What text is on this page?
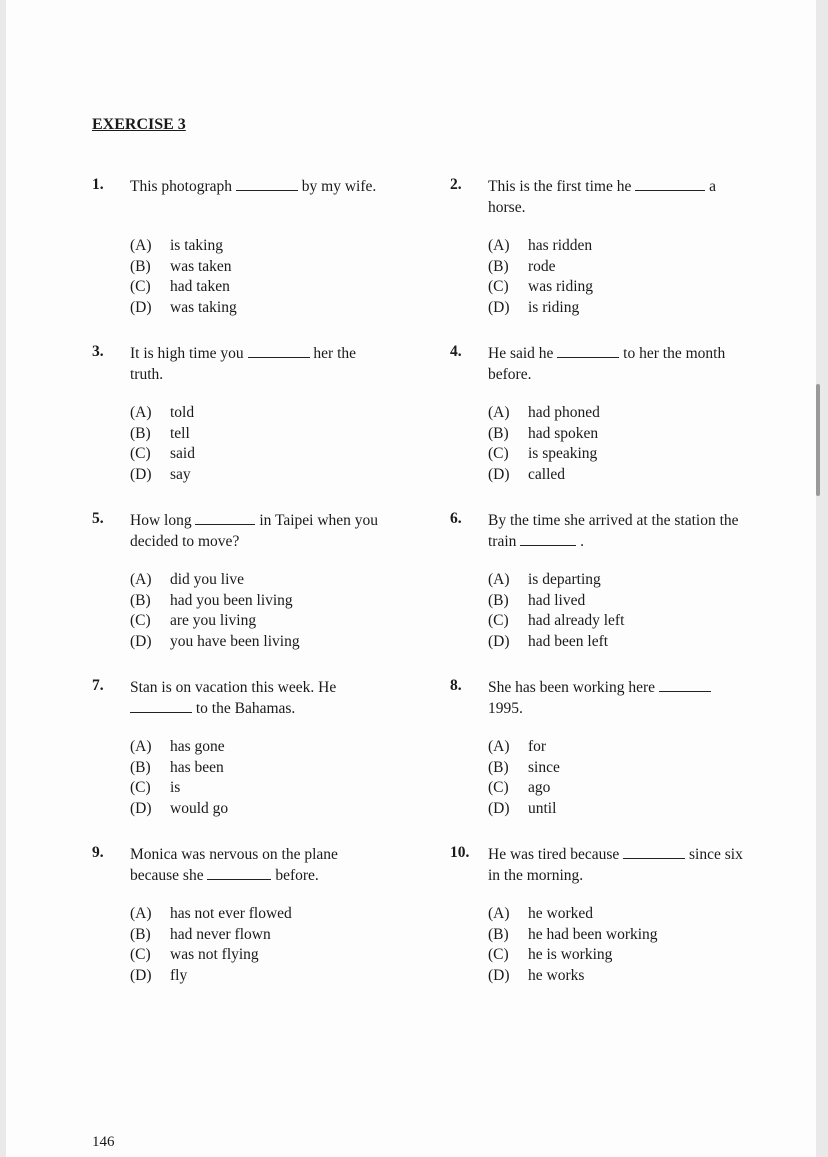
EXERCISE 3
1. This photograph	by my wife.
(A) is taking
(B) was taken
(C) had taken
(D) was taking
2. This is the first time he	a horse.
(A) has ridden
(B) rode
(C) was riding
(D) is riding
3. It is high time you	her the truth.
(A) told
(B) tell
(C) said
(D) say
4. He said he	to her the month before.
(A) had phoned
(B) had spoken
(C) is speaking
(D) called
5. How long	in Taipei when you decided to move?
(A) did you live
(B) had you been living
(C) are you living
(D) you have been living
6. By the time she arrived at the station the train	.
(A) is departing
(B) had lived
(C) had already left
(D) had been left
7. Stan is on vacation this week. He  to the Bahamas.
(A) has gone
(B) has been
(C) is
(D) would go
8. She has been working here  1995.
(A) for
(B) since
(C) ago
(D) until
9. Monica was nervous on the plane because she	before.
(A) has not ever flowed
(B) had never flown
(C) was not flying
(D) fly
10. He was tired because	since six in the morning.
(A) he worked
(B) he had been working
(C) he is working
(D) he works
146
